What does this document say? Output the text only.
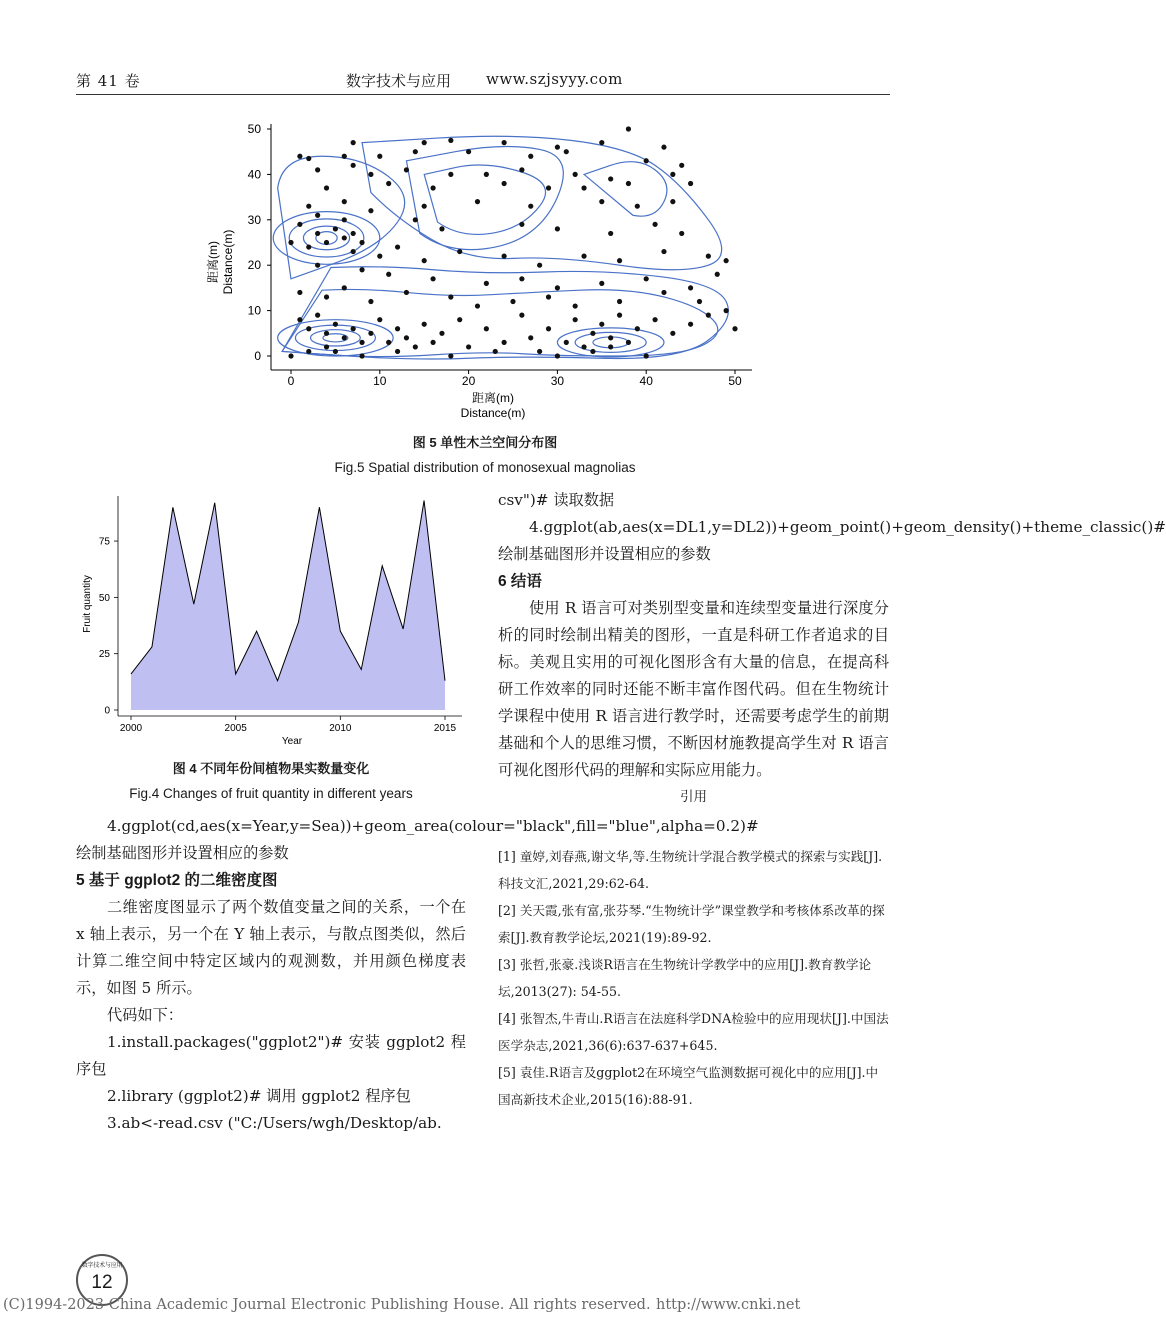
第 41 卷	数字技术与应用 www.szjsyyy.com
0	10	20	30	40	50
0
10
20
30
40
50
距离(m)
Distance(m)
距离(m) Distance(m)
图 5 单性木兰空间分布图
Fig.5 Spatial distribution of monosexual magnolias
2000	2005	2010	2015
0
25
50
75
Year
Fruit quantity
图 4 不同年份间植物果实数量变化
Fig.4 Changes of fruit quantity in different years

4.ggplot(cd,aes(x=Year,y=Sea))+geom_area(colour="black",fill="blue",alpha=0.2)# 绘制基础图形并设置相应的参数

5 基于 ggplot2 的二维密度图

二维密度图显示了两个数值变量之间的关系，一个在 x 轴上表示，另一个在 Y 轴上表示，与散点图类似，然后计算二维空间中特定区域内的观测数，并用颜色梯度表示，如图 5 所示。

代码如下：

1.install.packages("ggplot2")# 安装 ggplot2 程序包

2.library (ggplot2)# 调用 ggplot2 程序包

3.ab<-read.csv ("C:/Users/wgh/Desktop/ab.

csv")# 读取数据

4.ggplot(ab,aes(x=DL1,y=DL2))+geom_point()+geom_density()+theme_classic()# 绘制基础图形并设置相应的参数

6 结语

使用 R 语言可对类别型变量和连续型变量进行深度分析的同时绘制出精美的图形，一直是科研工作者追求的目标。美观且实用的可视化图形含有大量的信息，在提高科研工作效率的同时还能不断丰富作图代码。但在生物统计学课程中使用 R 语言进行教学时，还需要考虑学生的前期基础和个人的思维习惯，不断因材施教提高学生对 R 语言可视化图形代码的理解和实际应用能力。

引用

[1] 童婷,刘春燕,谢文华,等.生物统计学混合教学模式的探索与实践[J].科技文汇,2021,29:62-64.

[2] 关天霞,张有富,张芬琴.“生物统计学”课堂教学和考核体系改革的探索[J].教育教学论坛,2021(19):89-92.

[3] 张哲,张豪.浅谈R语言在生物统计学教学中的应用[J].教育教学论坛,2013(27): 54-55.

[4] 张智杰,牛青山.R语言在法庭科学DNA检验中的应用现状[J].中国法医学杂志,2021,36(6):637-637+645.

[5] 袁佳.R语言及ggplot2在环境空气监测数据可视化中的应用[J].中国高新技术企业,2015(16):88-91.

数字技术与应用
12
(C)1994-2023 China Academic Journal Electronic Publishing House. All rights reserved. http://www.cnki.net
